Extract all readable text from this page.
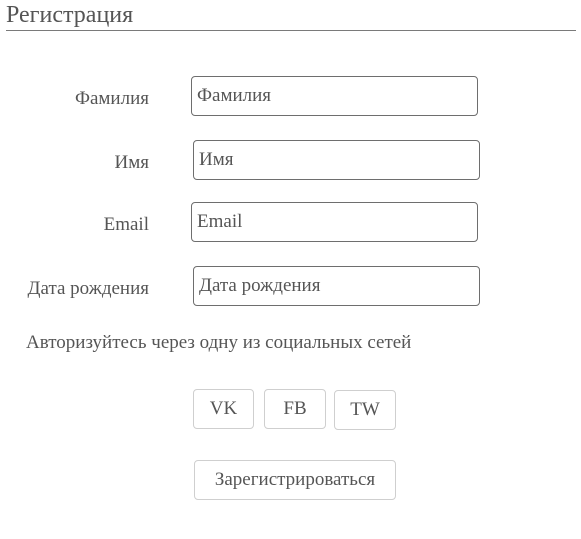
Регистрация
Фамилия
Фамилия
Имя
Имя
Email
Email
Дата рождения
Дата рождения
Авторизуйтесь через одну из социальных сетей
VK	FB	TW
Зарегистрироваться
